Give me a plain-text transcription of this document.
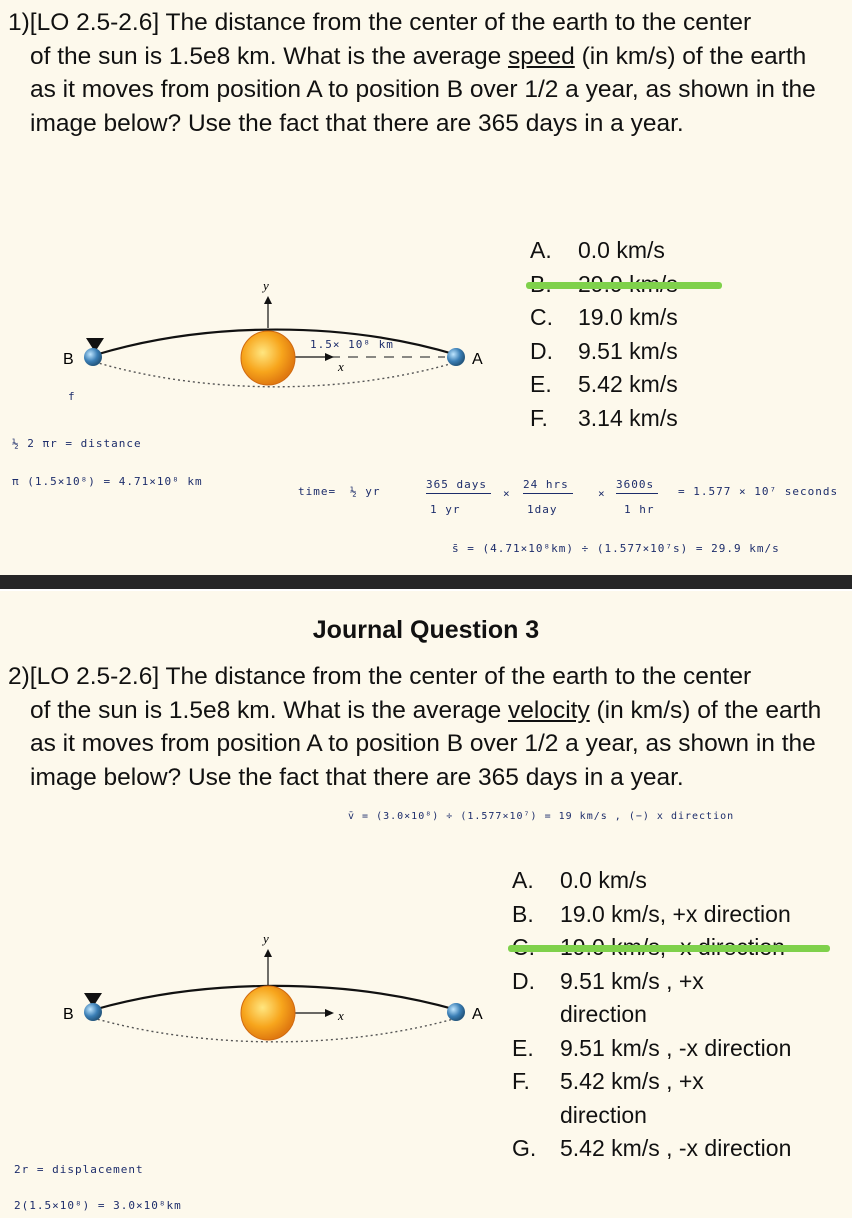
1)[LO 2.5-2.6] The distance from the center of the earth to the center
of the sun is 1.5e8 km. What is the average speed (in km/s) of the earth as it moves from position A to position B over 1/2 a year, as shown in the image below? Use the fact that there are 365 days in a year.
y
x	A
B
1.5× 10⁸ km
f
½ 2 πr = distance
π (1.5×10⁸) = 4.71×10⁸ km
time= ½ yr
365 days
1 yr
×
24 hrs
1day
×
3600s
1 hr
= 1.577 × 10⁷ seconds
s̄ = (4.71×10⁸km) ÷ (1.577×10⁷s) = 29.9 km/s
A.	0.0 km/s
C.	19.0 km/s
D.	9.51 km/s
E.	5.42 km/s
F.	3.14 km/s
Journal Question 3
2)[LO 2.5-2.6] The distance from the center of the earth to the center
of the sun is 1.5e8 km. What is the average velocity (in km/s) of the earth as it moves from position A to position B over 1/2 a year, as shown in the image below? Use the fact that there are 365 days in a year.
v̄ = (3.0×10⁸) ÷ (1.577×10⁷) = 19 km/s , (−) x direction
y
x	A
B
2r = displacement
2(1.5×10⁸) = 3.0×10⁸km
A.	0.0 km/s
B.	19.0 km/s, +x direction
D.	9.51 km/s , +x direction
E.	9.51 km/s , -x direction
F.	5.42 km/s , +x direction
G.	5.42 km/s , -x direction
